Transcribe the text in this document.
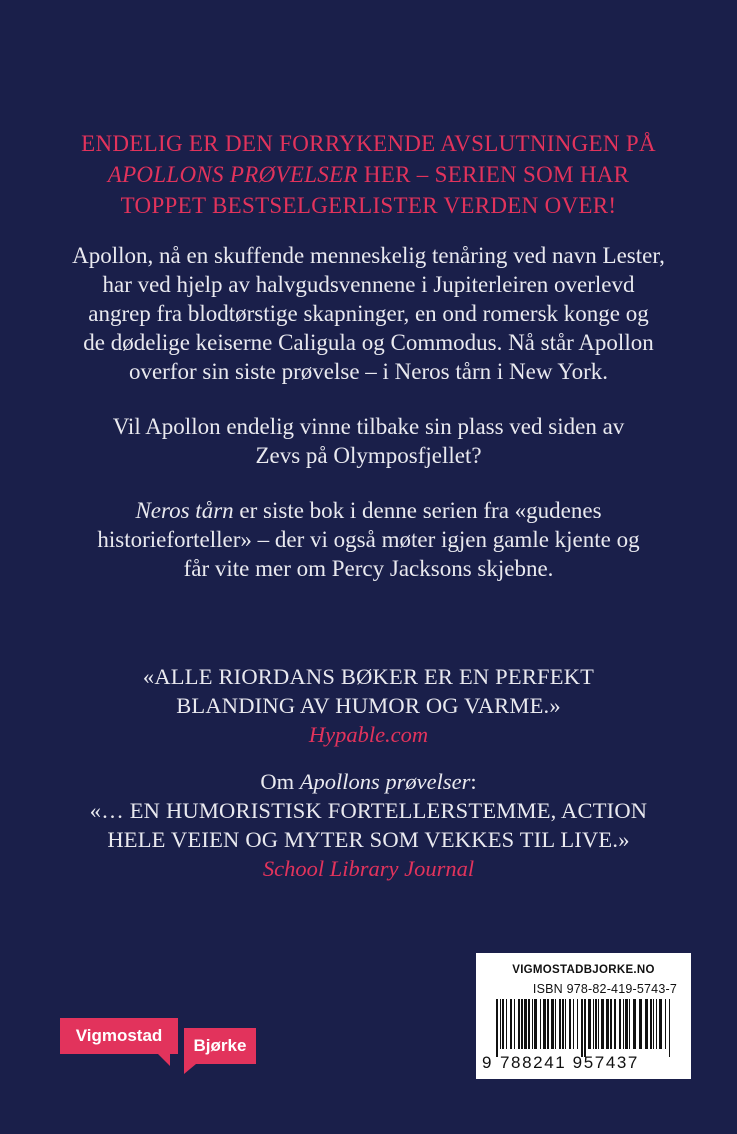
ENDELIG ER DEN FORRYKENDE AVSLUTNINGEN PÅ
APOLLONS PRØVELSER HER – SERIEN SOM HAR
TOPPET BESTSELGERLISTER VERDEN OVER!

Apollon, nå en skuffende menneskelig tenåring ved navn Lester,
har ved hjelp av halvgudsvennene i Jupiterleiren overlevd
angrep fra blodtørstige skapninger, en ond romersk konge og
de dødelige keiserne Caligula og Commodus. Nå står Apollon
overfor sin siste prøvelse – i Neros tårn i New York.

Vil Apollon endelig vinne tilbake sin plass ved siden av
Zevs på Olymposfjellet?

Neros tårn er siste bok i denne serien fra «gudenes
historieforteller» – der vi også møter igjen gamle kjente og
får vite mer om Percy Jacksons skjebne.

«ALLE RIORDANS BØKER ER EN PERFEKT
BLANDING AV HUMOR OG VARME.»

Hypable.com

Om Apollons prøvelser:

«… EN HUMORISTISK FORTELLERSTEMME, ACTION
HELE VEIEN OG MYTER SOM VEKKES TIL LIVE.»

School Library Journal

Vigmostad
Bjørke
VIGMOSTADBJORKE.NO
ISBN 978-82-419-5743-7
9 788241 957437
